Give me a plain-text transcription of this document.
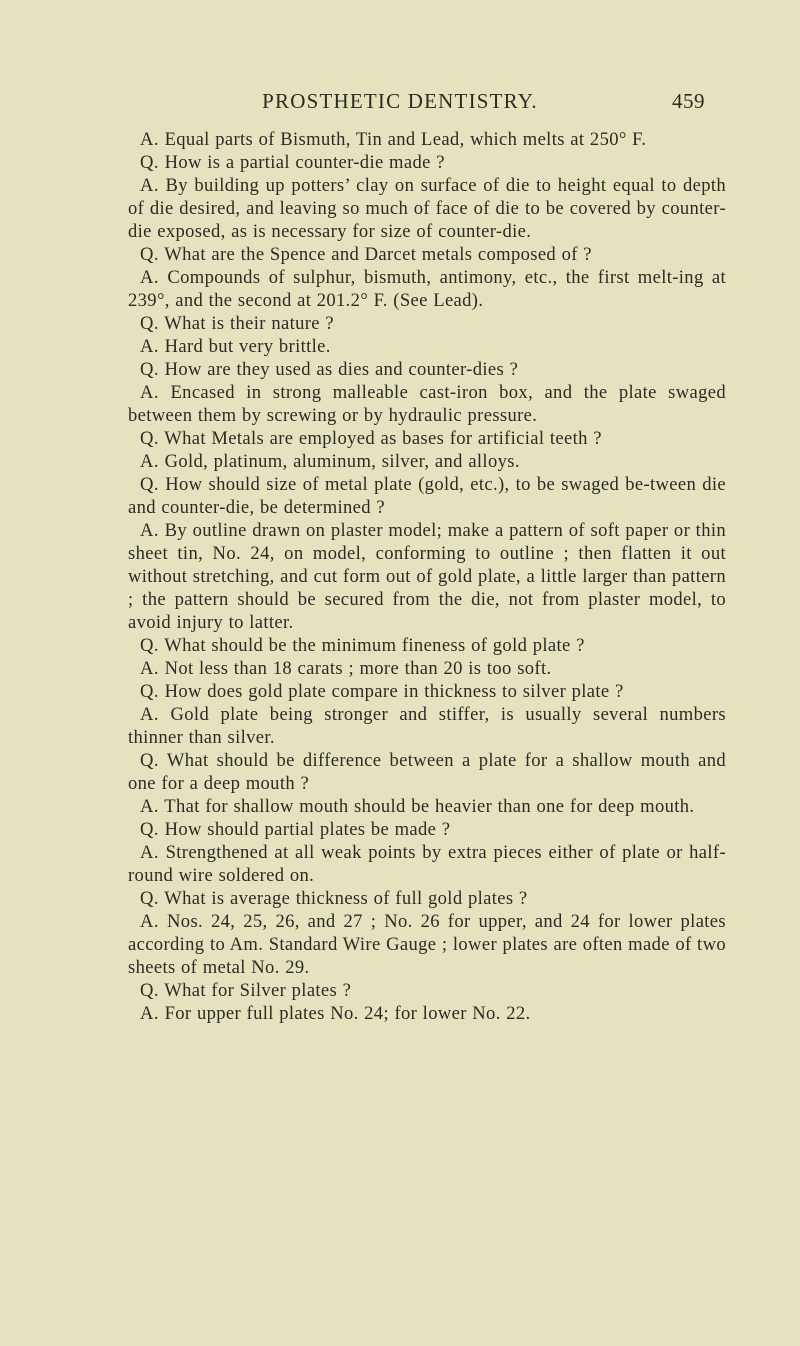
PROSTHETIC DENTISTRY.	459

A. Equal parts of Bismuth, Tin and Lead, which melts at 250° F.

Q. How is a partial counter-die made ?

A. By building up potters’ clay on surface of die to height equal to depth of die desired, and leaving so much of face of die to be covered by counter-die exposed, as is necessary for size of counter-die.

Q. What are the Spence and Darcet metals composed of ?

A. Compounds of sulphur, bismuth, antimony, etc., the first melt-ing at 239°, and the second at 201.2° F. (See Lead).

Q. What is their nature ?

A. Hard but very brittle.

Q. How are they used as dies and counter-dies ?

A. Encased in strong malleable cast-iron box, and the plate swaged between them by screwing or by hydraulic pressure.

Q. What Metals are employed as bases for artificial teeth ?

A. Gold, platinum, aluminum, silver, and alloys.

Q. How should size of metal plate (gold, etc.), to be swaged be-tween die and counter-die, be determined ?

A. By outline drawn on plaster model; make a pattern of soft paper or thin sheet tin, No. 24, on model, conforming to outline ; then flatten it out without stretching, and cut form out of gold plate, a little larger than pattern ; the pattern should be secured from the die, not from plaster model, to avoid injury to latter.

Q. What should be the minimum fineness of gold plate ?

A. Not less than 18 carats ; more than 20 is too soft.

Q. How does gold plate compare in thickness to silver plate ?

A. Gold plate being stronger and stiffer, is usually several numbers thinner than silver.

Q. What should be difference between a plate for a shallow mouth and one for a deep mouth ?

A. That for shallow mouth should be heavier than one for deep mouth.

Q. How should partial plates be made ?

A. Strengthened at all weak points by extra pieces either of plate or half-round wire soldered on.

Q. What is average thickness of full gold plates ?

A. Nos. 24, 25, 26, and 27 ; No. 26 for upper, and 24 for lower plates according to Am. Standard Wire Gauge ; lower plates are often made of two sheets of metal No. 29.

Q. What for Silver plates ?

A. For upper full plates No. 24; for lower No. 22.
